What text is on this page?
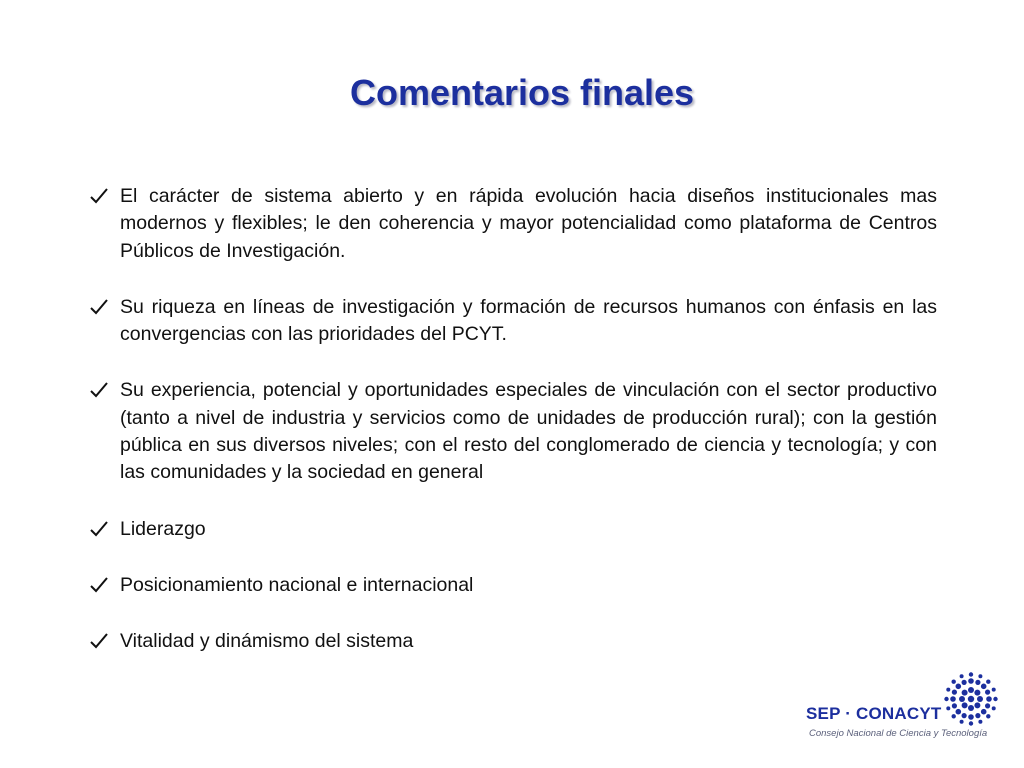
Comentarios finales
El carácter de sistema abierto y en rápida evolución hacia diseños institucionales mas modernos y flexibles; le den coherencia y mayor potencialidad como plataforma de Centros Públicos de Investigación.
Su riqueza en líneas de investigación y formación de recursos humanos con énfasis en las convergencias con las prioridades del PCYT.
Su experiencia, potencial y oportunidades especiales de vinculación con el sector productivo (tanto a nivel de industria y servicios como de unidades de producción rural); con la gestión pública en sus diversos niveles; con el resto del conglomerado de ciencia y tecnología; y con las comunidades y la sociedad en general
Liderazgo
Posicionamiento nacional e internacional
Vitalidad y dinámismo del sistema
SEP · CONACYT
Consejo Nacional de Ciencia y Tecnología
